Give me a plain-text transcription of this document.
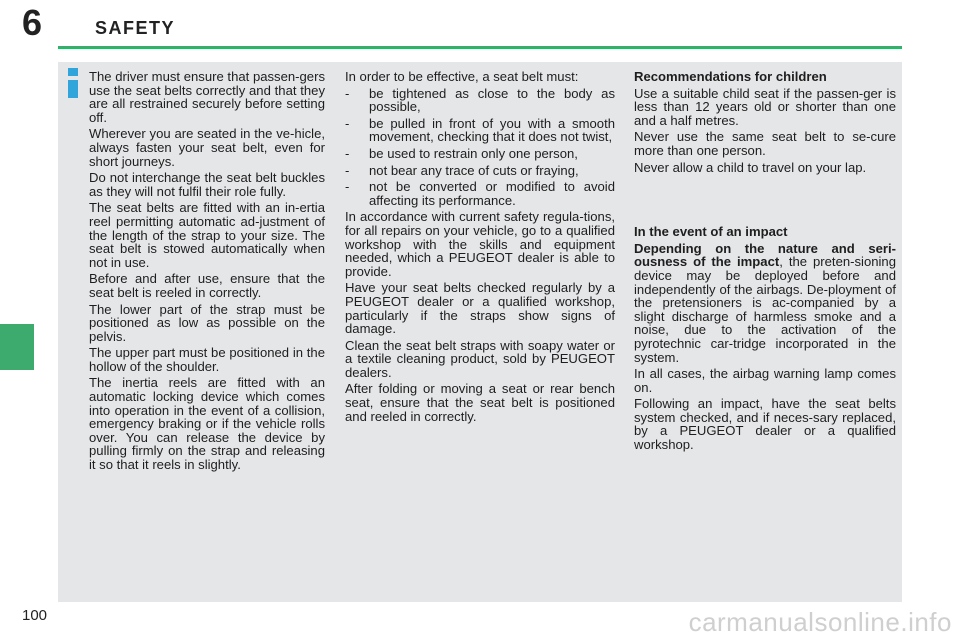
6	SAFETY

The driver must ensure that passen-gers use the seat belts correctly and that they are all restrained securely before setting off.

Wherever you are seated in the ve-hicle, always fasten your seat belt, even for short journeys.

Do not interchange the seat belt buckles as they will not fulfil their role fully.

The seat belts are fitted with an in-ertia reel permitting automatic ad-justment of the length of the strap to your size. The seat belt is stowed automatically when not in use.

Before and after use, ensure that the seat belt is reeled in correctly.

The lower part of the strap must be positioned as low as possible on the pelvis.

The upper part must be positioned in the hollow of the shoulder.

The inertia reels are fitted with an automatic locking device which comes into operation in the event of a collision, emergency braking or if the vehicle rolls over. You can release the device by pulling firmly on the strap and releasing it so that it reels in slightly.

In order to be effective, a seat belt must:

- be tightened as close to the body as possible,
- be pulled in front of you with a smooth movement, checking that it does not twist,
- be used to restrain only one person,
- not bear any trace of cuts or fraying,
- not be converted or modified to avoid affecting its performance.

In accordance with current safety regula-tions, for all repairs on your vehicle, go to a qualified workshop with the skills and equipment needed, which a PEUGEOT dealer is able to provide.

Have your seat belts checked regularly by a PEUGEOT dealer or a qualified workshop, particularly if the straps show signs of damage.

Clean the seat belt straps with soapy water or a textile cleaning product, sold by PEUGEOT dealers.

After folding or moving a seat or rear bench seat, ensure that the seat belt is positioned and reeled in correctly.

Recommendations for children

Use a suitable child seat if the passen-ger is less than 12 years old or shorter than one and a half metres.

Never use the same seat belt to se-cure more than one person.

Never allow a child to travel on your lap.

In the event of an impact

Depending on the nature and seri-ousness of the impact, the preten-sioning device may be deployed before and independently of the airbags. De-ployment of the pretensioners is ac-companied by a slight discharge of harmless smoke and a noise, due to the activation of the pyrotechnic car-tridge incorporated in the system.

In all cases, the airbag warning lamp comes on.

Following an impact, have the seat belts system checked, and if neces-sary replaced, by a PEUGEOT dealer or a qualified workshop.

100	carmanualsonline.info
